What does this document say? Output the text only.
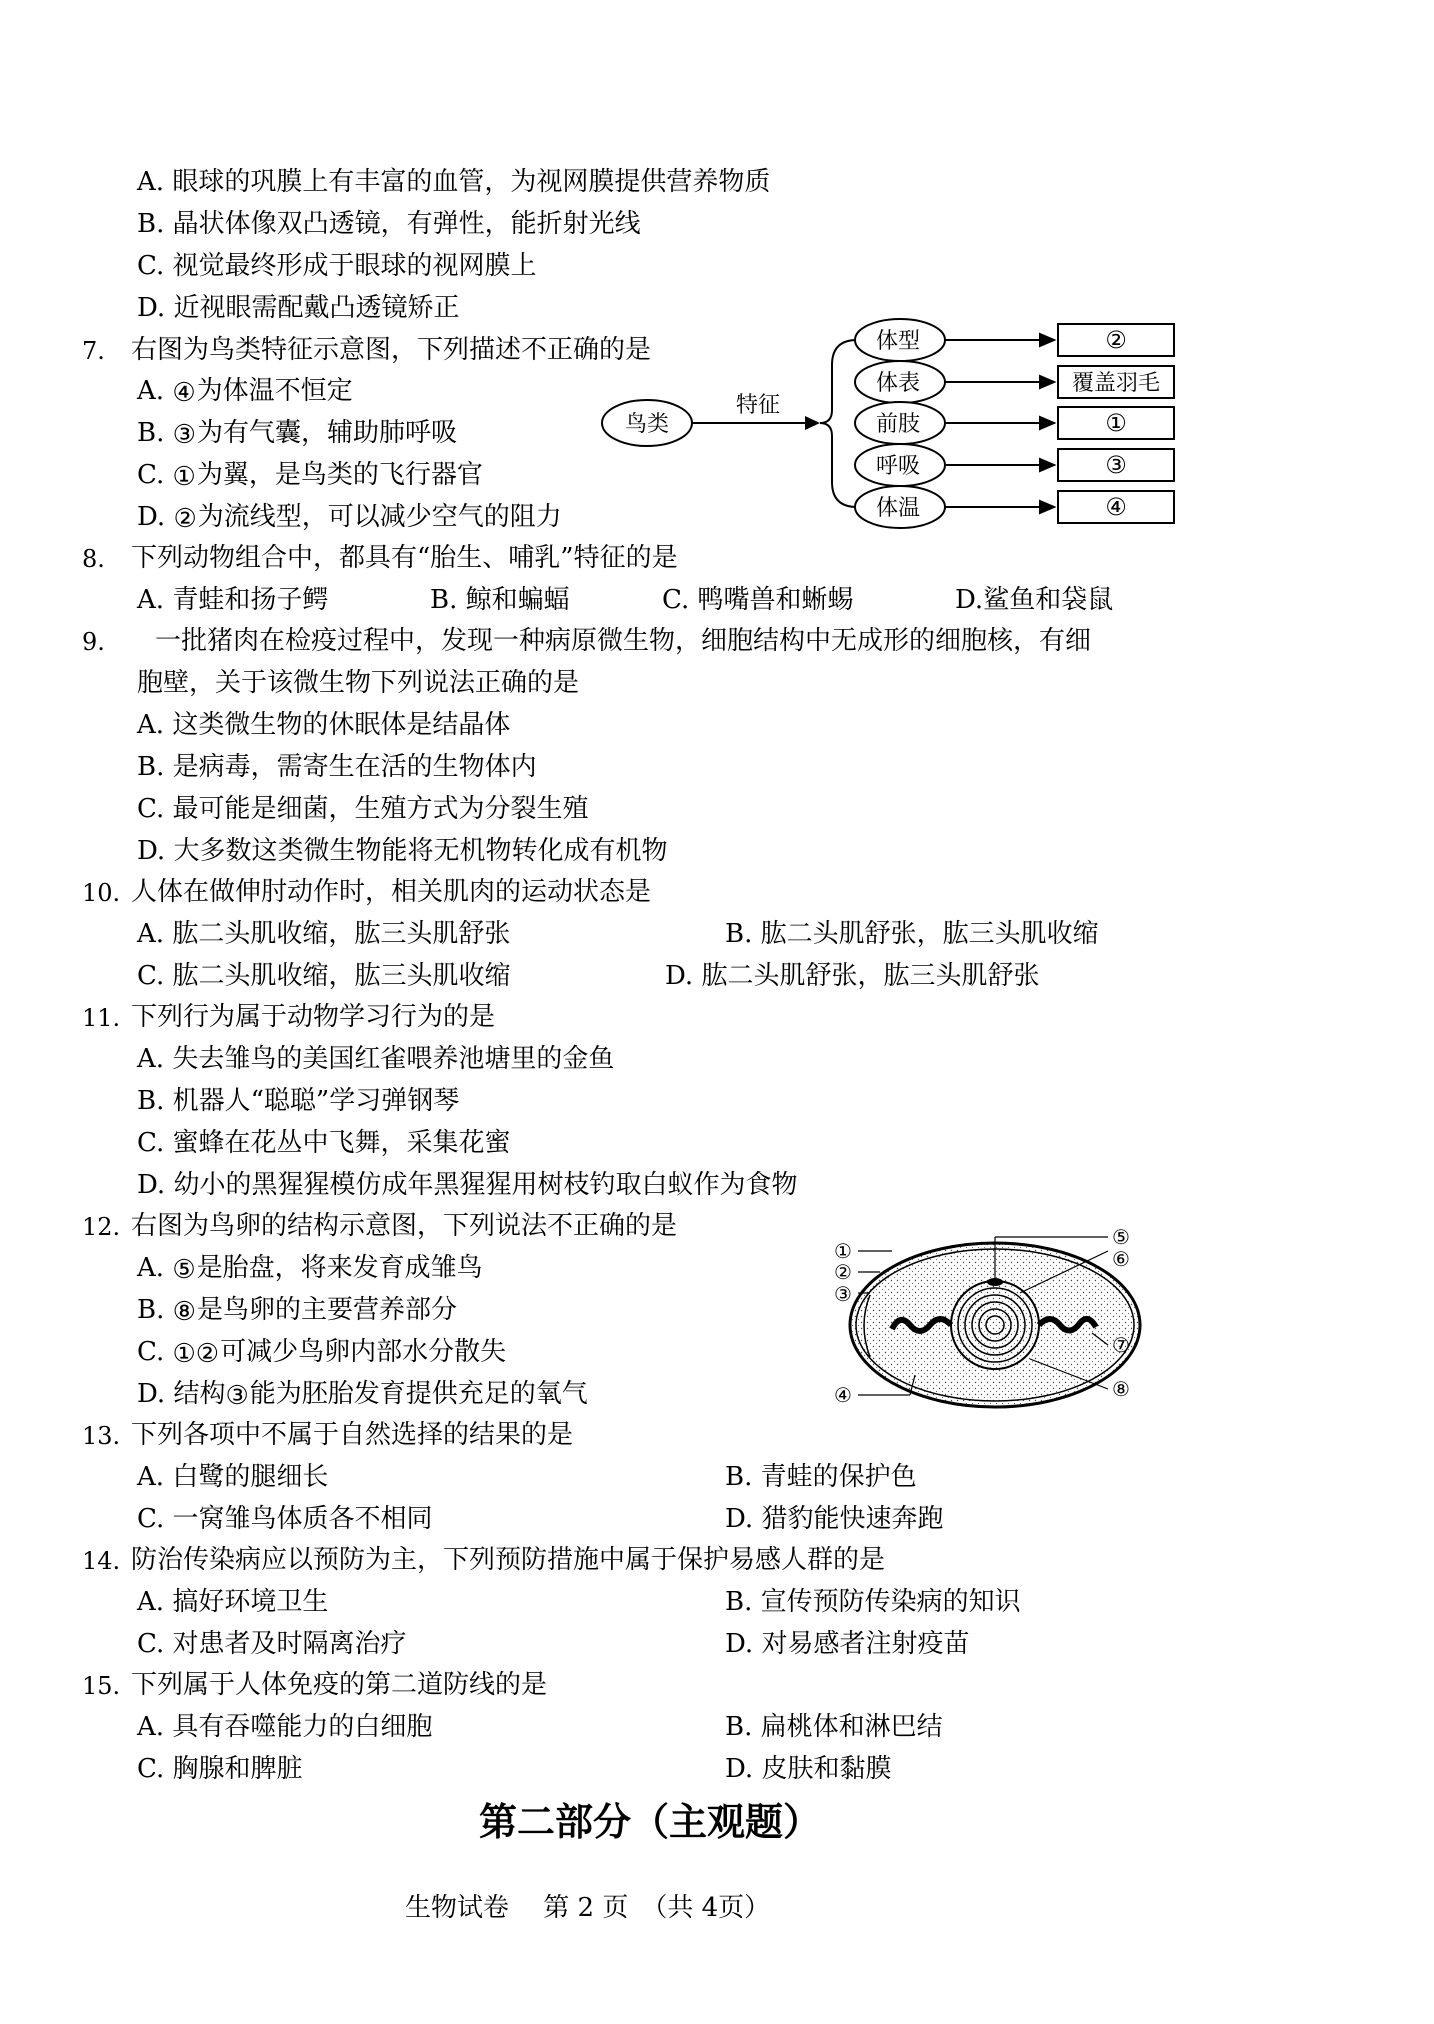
A. 眼球的巩膜上有丰富的血管，为视网膜提供营养物质
B. 晶状体像双凸透镜，有弹性，能折射光线
C. 视觉最终形成于眼球的视网膜上
D. 近视眼需配戴凸透镜矫正
7. 右图为鸟类特征示意图，下列描述不正确的是
A. ④为体温不恒定
B. ③为有气囊，辅助肺呼吸
C. ①为翼，是鸟类的飞行器官
D. ②为流线型，可以减少空气的阻力
鸟类
特征
体型
体表
前肢
呼吸
体温
②
覆盖羽毛
①
③
④
8. 下列动物组合中，都具有“胎生、哺乳”特征的是
A. 青蛙和扬子鳄	B. 鲸和蝙蝠	C. 鸭嘴兽和蜥蜴	D.鲨鱼和袋鼠
9. 一批猪肉在检疫过程中，发现一种病原微生物，细胞结构中无成形的细胞核，有细
胞壁，关于该微生物下列说法正确的是
A. 这类微生物的休眠体是结晶体
B. 是病毒，需寄生在活的生物体内
C. 最可能是细菌，生殖方式为分裂生殖
D. 大多数这类微生物能将无机物转化成有机物
10. 人体在做伸肘动作时，相关肌肉的运动状态是
A. 肱二头肌收缩，肱三头肌舒张	B. 肱二头肌舒张，肱三头肌收缩
C. 肱二头肌收缩，肱三头肌收缩	D. 肱二头肌舒张，肱三头肌舒张
11. 下列行为属于动物学习行为的是
A. 失去雏鸟的美国红雀喂养池塘里的金鱼
B. 机器人“聪聪”学习弹钢琴
C. 蜜蜂在花丛中飞舞，采集花蜜
D. 幼小的黑猩猩模仿成年黑猩猩用树枝钓取白蚁作为食物
12. 右图为鸟卵的结构示意图，下列说法不正确的是
A. ⑤是胎盘，将来发育成雏鸟
B. ⑧是鸟卵的主要营养部分
C. ①②可减少鸟卵内部水分散失
D. 结构③能为胚胎发育提供充足的氧气
①
②
③
④
⑤
⑥
⑦
⑧
13. 下列各项中不属于自然选择的结果的是
A. 白鹭的腿细长	B. 青蛙的保护色
C. 一窝雏鸟体质各不相同	D. 猎豹能快速奔跑
14. 防治传染病应以预防为主，下列预防措施中属于保护易感人群的是
A. 搞好环境卫生	B. 宣传预防传染病的知识
C. 对患者及时隔离治疗	D. 对易感者注射疫苗
15. 下列属于人体免疫的第二道防线的是
A. 具有吞噬能力的白细胞	B. 扁桃体和淋巴结
C. 胸腺和脾脏	D. 皮肤和黏膜
第二部分（主观题）
生物试卷　 第 2 页　（共 4页）
